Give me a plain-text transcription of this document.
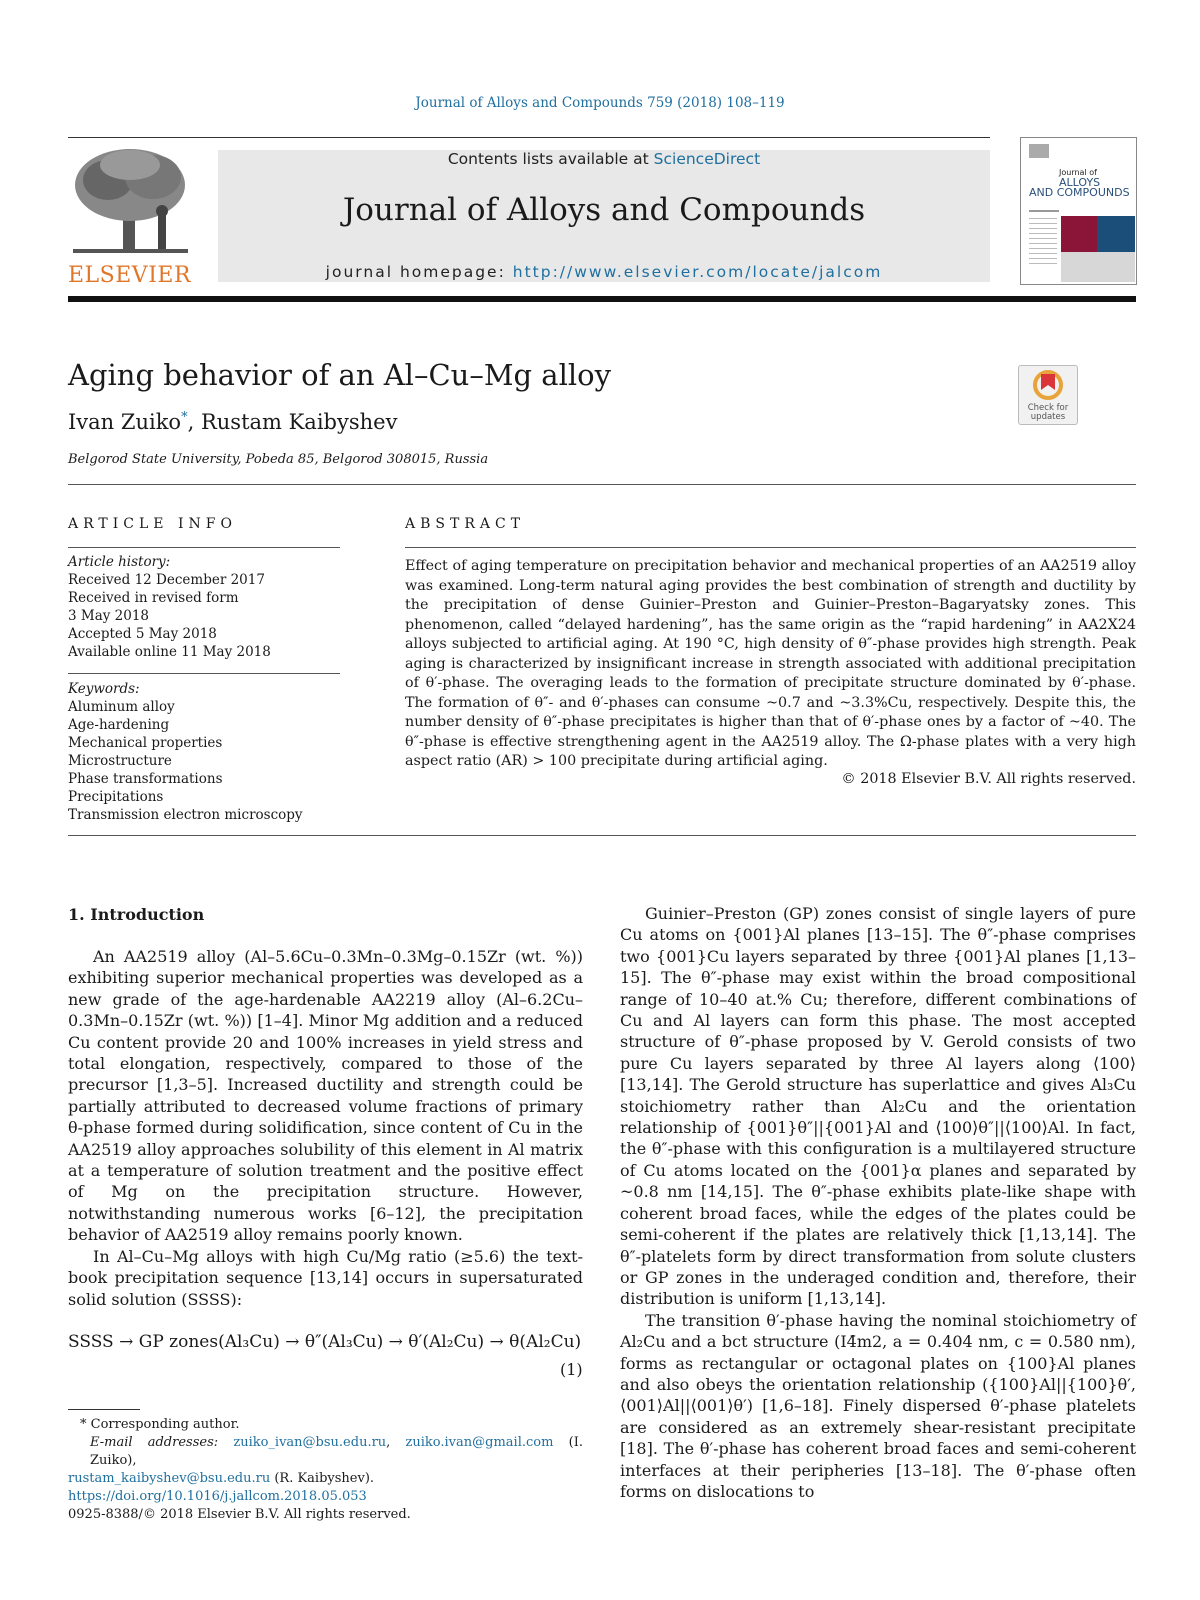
Journal of Alloys and Compounds 759 (2018) 108–119
ELSEVIER
Contents lists available at ScienceDirect
Journal of Alloys and Compounds
journal homepage: http://www.elsevier.com/locate/jalcom
Journal of
ALLOYS
AND COMPOUNDS
Aging behavior of an Al–Cu–Mg alloy
Ivan Zuiko*, Rustam Kaibyshev
Belgorod State University, Pobeda 85, Belgorod 308015, Russia
Check for updates
ARTICLE INFO
Article history:
Received 12 December 2017
Received in revised form
3 May 2018
Accepted 5 May 2018
Available online 11 May 2018
Keywords:
Aluminum alloy
Age-hardening
Mechanical properties
Microstructure
Phase transformations
Precipitations
Transmission electron microscopy
ABSTRACT
Effect of aging temperature on precipitation behavior and mechanical properties of an AA2519 alloy was examined. Long-term natural aging provides the best combination of strength and ductility by the precipitation of dense Guinier–Preston and Guinier–Preston–Bagaryatsky zones. This phenomenon, called “delayed hardening”, has the same origin as the “rapid hardening” in AA2X24 alloys subjected to artificial aging. At 190 °C, high density of θ″-phase provides high strength. Peak aging is characterized by insignificant increase in strength associated with additional precipitation of θ′-phase. The overaging leads to the formation of precipitate structure dominated by θ′-phase. The formation of θ″- and θ′-phases can consume ~0.7 and ~3.3%Cu, respectively. Despite this, the number density of θ″-phase precipitates is higher than that of θ′-phase ones by a factor of ~40. The θ″-phase is effective strengthening agent in the AA2519 alloy. The Ω-phase plates with a very high aspect ratio (AR) > 100 precipitate during artificial aging.
© 2018 Elsevier B.V. All rights reserved.
1. Introduction

An AA2519 alloy (Al–5.6Cu–0.3Mn–0.3Mg–0.15Zr (wt. %)) exhibiting superior mechanical properties was developed as a new grade of the age-hardenable AA2219 alloy (Al–6.2Cu–0.3Mn–0.15Zr (wt. %)) [1–4]. Minor Mg addition and a reduced Cu content provide 20 and 100% increases in yield stress and total elongation, respectively, compared to those of the precursor [1,3–5]. Increased ductility and strength could be partially attributed to decreased volume fractions of primary θ-phase formed during solidification, since content of Cu in the AA2519 alloy approaches solubility of this element in Al matrix at a temperature of solution treatment and the positive effect of Mg on the precipitation structure. However, notwithstanding numerous works [6–12], the precipitation behavior of AA2519 alloy remains poorly known.

In Al–Cu–Mg alloys with high Cu/Mg ratio (≥5.6) the text-book precipitation sequence [13,14] occurs in supersaturated solid solution (SSSS):

SSSS → GP zones(Al₃Cu) → θ″(Al₃Cu) → θ′(Al₂Cu) → θ(Al₂Cu)
(1)

Guinier–Preston (GP) zones consist of single layers of pure Cu atoms on {001}Al planes [13–15]. The θ″-phase comprises two {001}Cu layers separated by three {001}Al planes [1,13–15]. The θ″-phase may exist within the broad compositional range of 10–40 at.% Cu; therefore, different combinations of Cu and Al layers can form this phase. The most accepted structure of θ″-phase proposed by V. Gerold consists of two pure Cu layers separated by three Al layers along ⟨100⟩ [13,14]. The Gerold structure has superlattice and gives Al₃Cu stoichiometry rather than Al₂Cu and the orientation relationship of {001}θ″||{001}Al and ⟨100⟩θ″||⟨100⟩Al. In fact, the θ″-phase with this configuration is a multilayered structure of Cu atoms located on the {001}α planes and separated by ~0.8 nm [14,15]. The θ″-phase exhibits plate-like shape with coherent broad faces, while the edges of the plates could be semi-coherent if the plates are relatively thick [1,13,14]. The θ″-platelets form by direct transformation from solute clusters or GP zones in the underaged condition and, therefore, their distribution is uniform [1,13,14].

The transition θ′-phase having the nominal stoichiometry of Al₂Cu and a bct structure (I4̄m2, a = 0.404 nm, c = 0.580 nm), forms as rectangular or octagonal plates on {100}Al planes and also obeys the orientation relationship ({100}Al||{100}θ′, ⟨001⟩Al||⟨001⟩θ′) [1,6–18]. Finely dispersed θ′-phase platelets are considered as an extremely shear-resistant precipitate [18]. The θ′-phase has coherent broad faces and semi-coherent interfaces at their peripheries [13–18]. The θ′-phase often forms on dislocations to

* Corresponding author.
E-mail addresses: zuiko_ivan@bsu.edu.ru, zuiko.ivan@gmail.com (I. Zuiko),
rustam_kaibyshev@bsu.edu.ru (R. Kaibyshev).
https://doi.org/10.1016/j.jallcom.2018.05.053
0925-8388/© 2018 Elsevier B.V. All rights reserved.
